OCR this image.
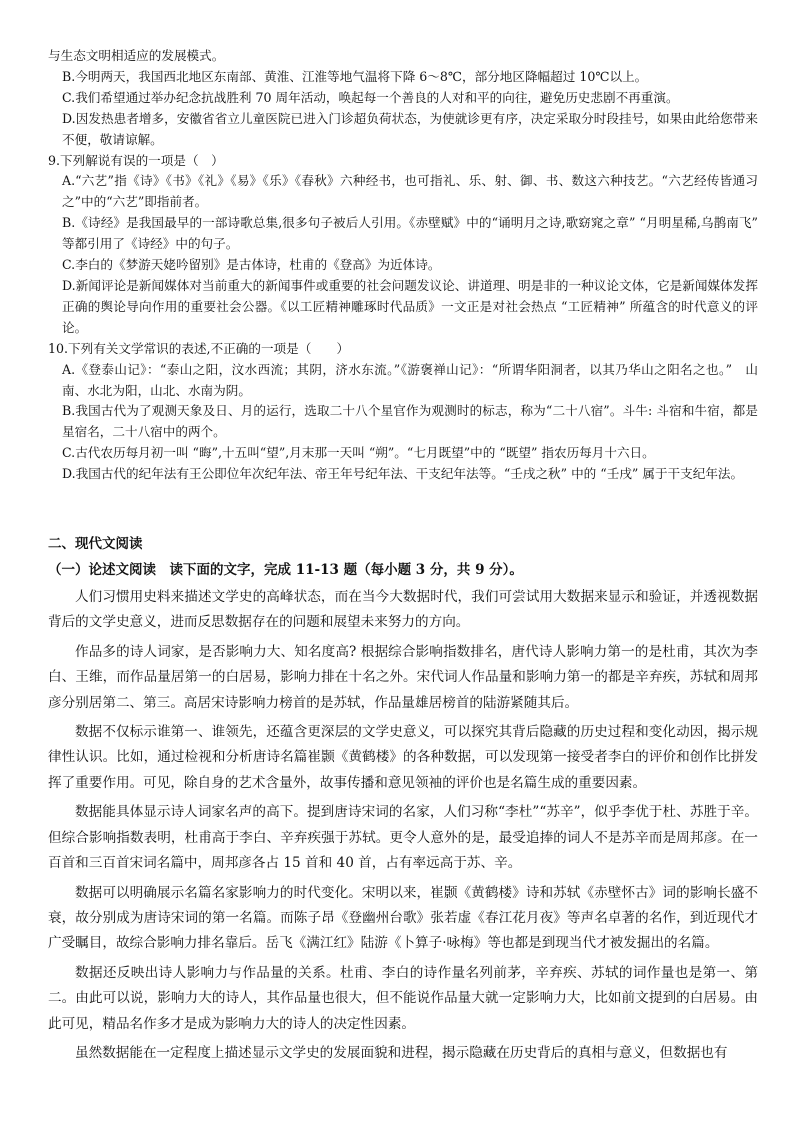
与生态文明相适应的发展模式。

B.今明两天，我国西北地区东南部、黄淮、江淮等地气温将下降 6～8℃，部分地区降幅超过 10℃以上。

C.我们希望通过举办纪念抗战胜利 70 周年活动，唤起每一个善良的人对和平的向往，避免历史悲剧不再重演。

D.因发热患者增多，安徽省省立儿童医院已进入门诊超负荷状态，为使就诊更有序，决定采取分时段挂号，如果由此给您带来不便，敬请谅解。

9.下列解说有误的一项是（　）

A.“六艺”指《诗》《书》《礼》《易》《乐》《春秋》六种经书，也可指礼、乐、射、御、书、数这六种技艺。“六艺经传皆通习之”中的“六艺”即指前者。

B.《诗经》是我国最早的一部诗歌总集,很多句子被后人引用。《赤壁赋》中的“诵明月之诗,歌窈窕之章” “月明星稀,乌鹊南飞” 等都引用了《诗经》中的句子。

C.李白的《梦游天姥吟留别》是古体诗，杜甫的《登高》为近体诗。

D.新闻评论是新闻媒体对当前重大的新闻事件或重要的社会问题发议论、讲道理、明是非的一种议论文体，它是新闻媒体发挥正确的舆论导向作用的重要社会公器。《以工匠精神雕琢时代品质》一文正是对社会热点 “工匠精神” 所蕴含的时代意义的评论。

10.下列有关文学常识的表述,不正确的一项是（　　）

A.《登泰山记》：“泰山之阳，汶水西流；其阴，济水东流。”《游褒禅山记》：“所谓华阳洞者，以其乃华山之阳名之也。”　山南、水北为阳，山北、水南为阴。

B.我国古代为了观测天象及日、月的运行，选取二十八个星官作为观测时的标志，称为“二十八宿”。斗牛: 斗宿和牛宿，都是星宿名，二十八宿中的两个。

C.古代农历每月初一叫 “晦”,十五叫“望”,月末那一天叫 “朔”。“七月既望”中的 “既望” 指农历每月十六日。

D.我国古代的纪年法有王公即位年次纪年法、帝王年号纪年法、干支纪年法等。“壬戌之秋” 中的 “壬戌” 属于干支纪年法。

二、现代文阅读

（一）论述文阅读　读下面的文字，完成 11-13 题（每小题 3 分，共 9 分）。

人们习惯用史料来描述文学史的高峰状态，而在当今大数据时代，我们可尝试用大数据来显示和验证，并透视数据背后的文学史意义，进而反思数据存在的问题和展望未来努力的方向。

作品多的诗人词家，是否影响力大、知名度高? 根据综合影响指数排名，唐代诗人影响力第一的是杜甫，其次为李白、王维，而作品量居第一的白居易，影响力排在十名之外。宋代词人作品量和影响力第一的都是辛弃疾，苏轼和周邦彦分别居第二、第三。高居宋诗影响力榜首的是苏轼，作品量雄居榜首的陆游紧随其后。

数据不仅标示谁第一、谁领先，还蕴含更深层的文学史意义，可以探究其背后隐藏的历史过程和变化动因，揭示规律性认识。比如，通过检视和分析唐诗名篇崔颢《黄鹤楼》的各种数据，可以发现第一接受者李白的评价和创作比拼发挥了重要作用。可见，除自身的艺术含量外，故事传播和意见领袖的评价也是名篇生成的重要因素。

数据能具体显示诗人词家名声的高下。提到唐诗宋词的名家，人们习称“李杜”“苏辛”，似乎李优于杜、苏胜于辛。但综合影响指数表明，杜甫高于李白、辛弃疾强于苏轼。更令人意外的是，最受追捧的词人不是苏辛而是周邦彦。在一百首和三百首宋词名篇中，周邦彦各占 15 首和 40 首，占有率远高于苏、辛。

数据可以明确展示名篇名家影响力的时代变化。宋明以来，崔颢《黄鹤楼》诗和苏轼《赤壁怀古》词的影响长盛不衰，故分别成为唐诗宋词的第一名篇。而陈子昂《登幽州台歌》张若虚《春江花月夜》等声名卓著的名作，到近现代才广受瞩目，故综合影响力排名靠后。岳飞《满江红》陆游《卜算子·咏梅》等也都是到现当代才被发掘出的名篇。

数据还反映出诗人影响力与作品量的关系。杜甫、李白的诗作量名列前茅，辛弃疾、苏轼的词作量也是第一、第二。由此可以说，影响力大的诗人，其作品量也很大，但不能说作品量大就一定影响力大，比如前文提到的白居易。由此可见，精品名作多才是成为影响力大的诗人的决定性因素。

虽然数据能在一定程度上描述显示文学史的发展面貌和进程，揭示隐藏在历史背后的真相与意义，但数据也有
